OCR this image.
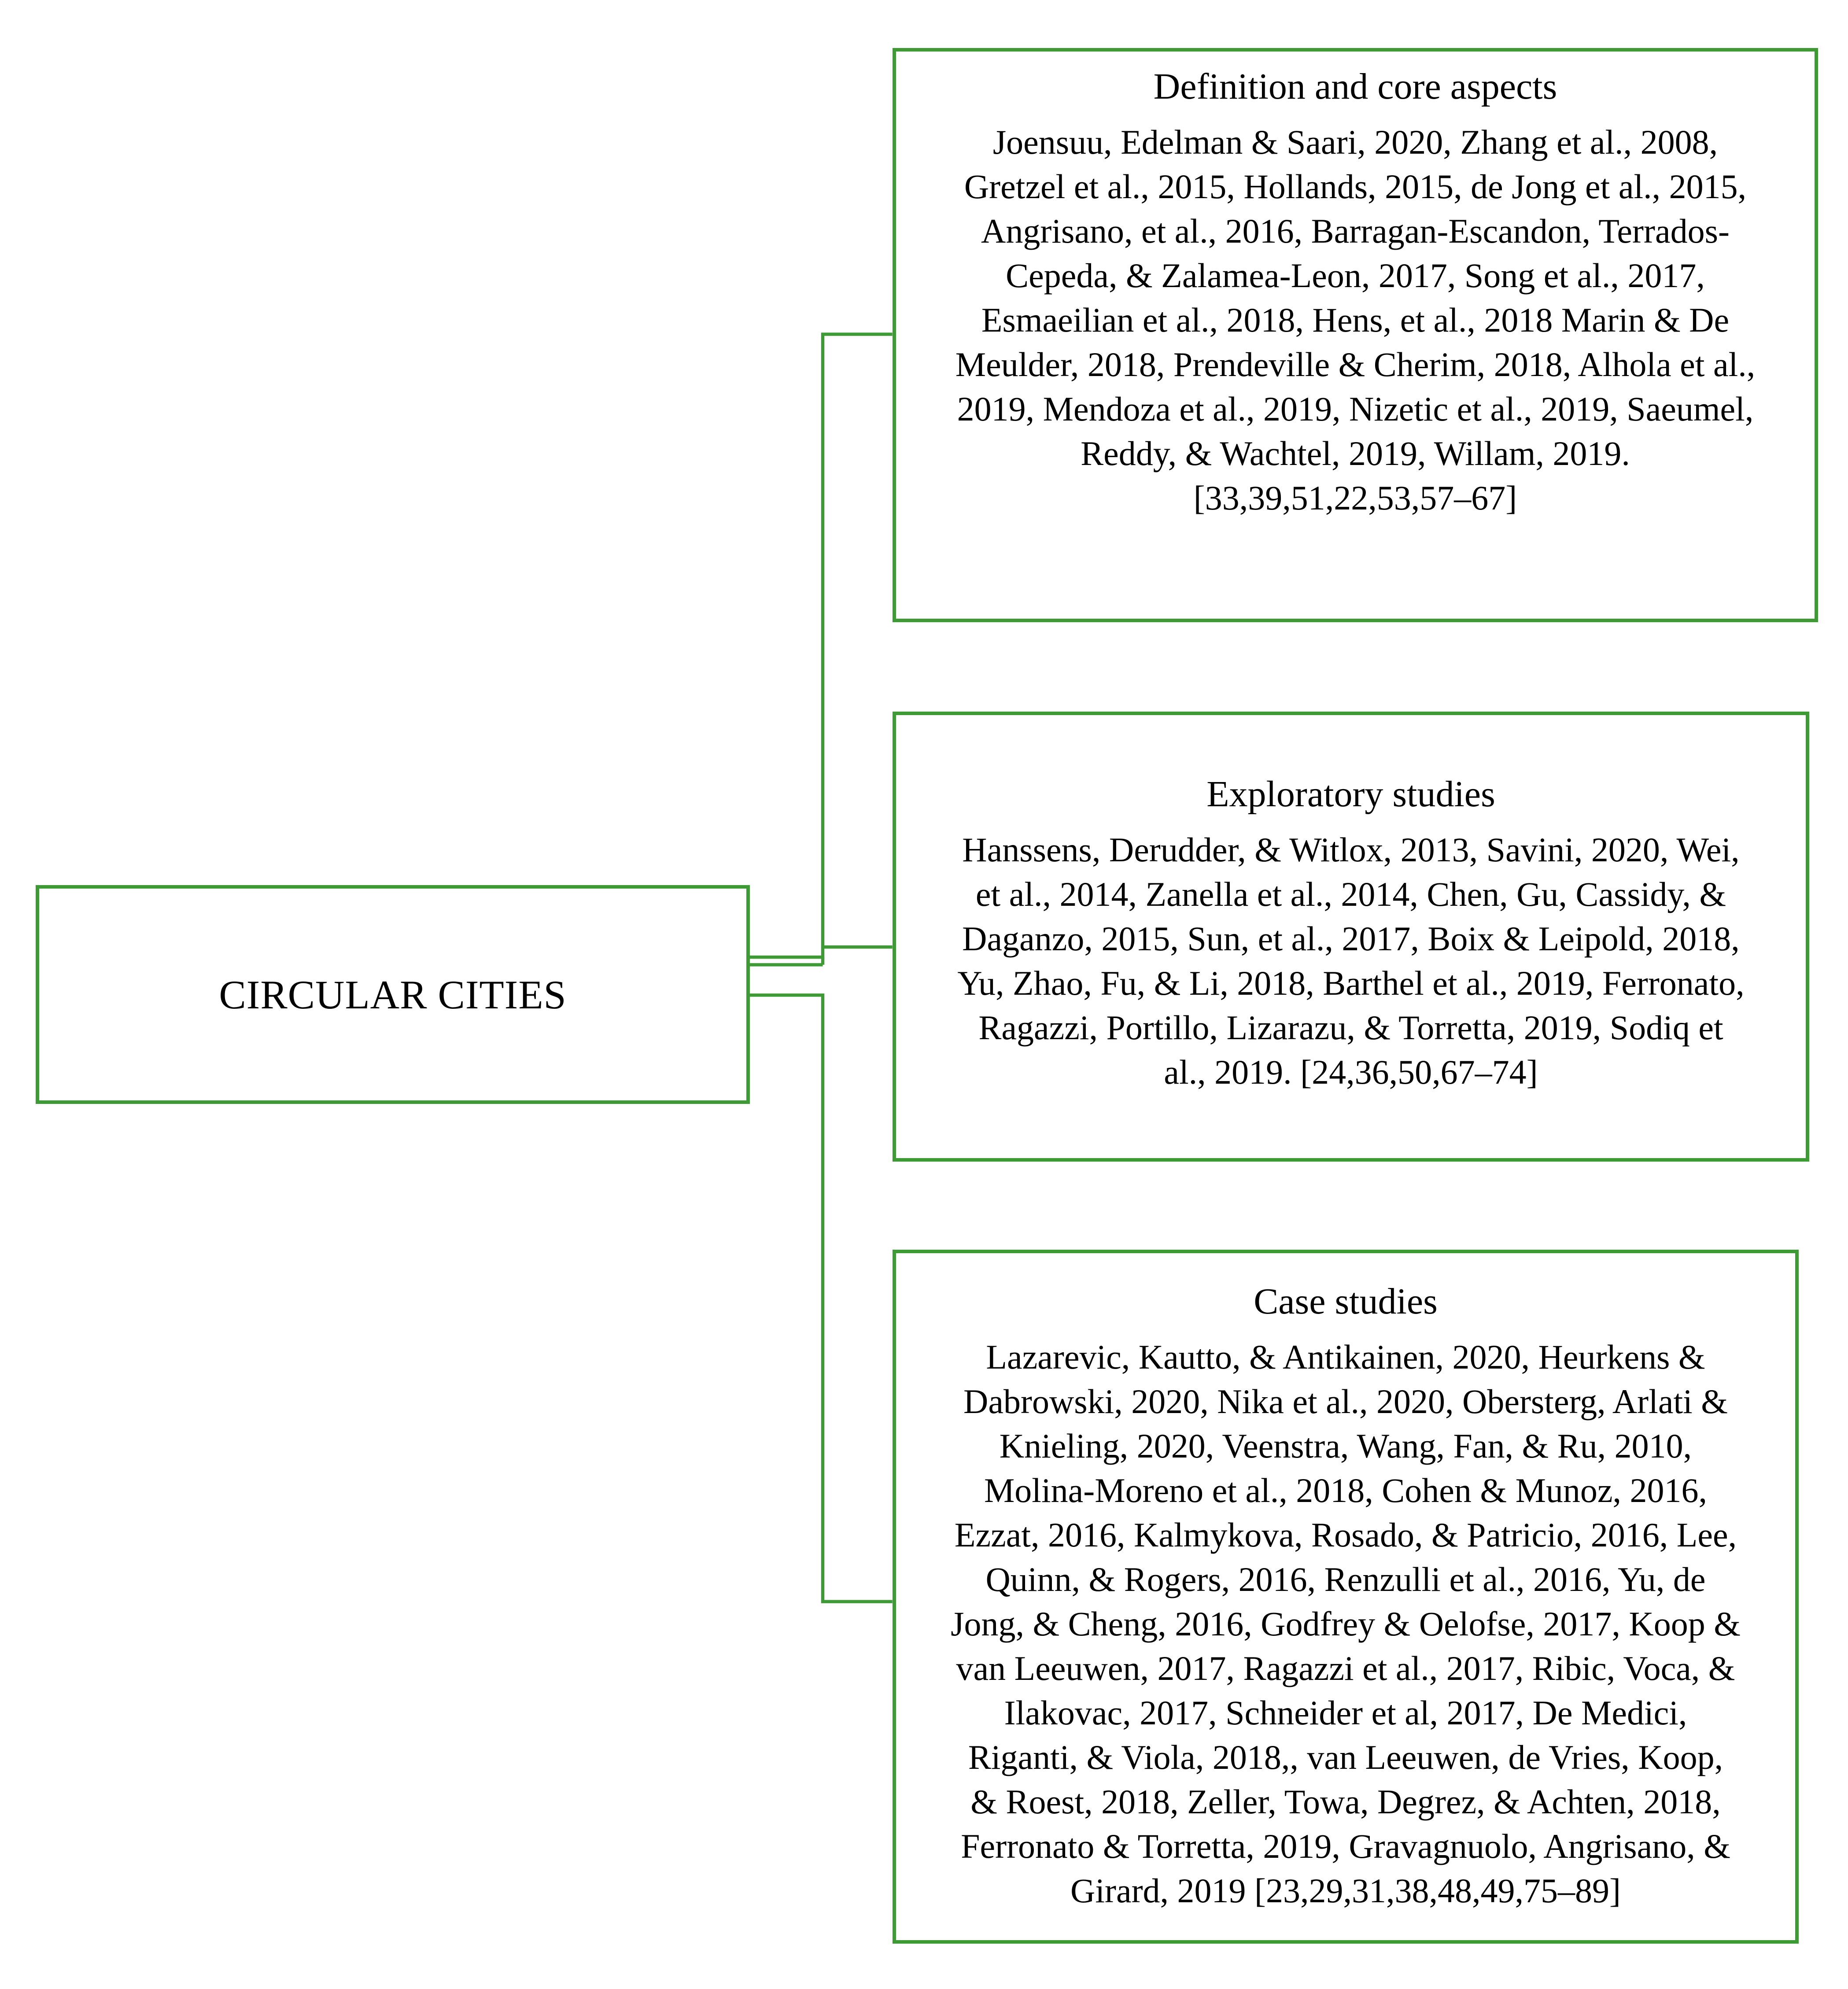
CIRCULAR CITIES
Definition and core aspects
Joensuu, Edelman & Saari, 2020, Zhang et al., 2008,
Gretzel et al., 2015, Hollands, 2015, de Jong et al., 2015,
Angrisano, et al., 2016, Barragan-Escandon, Terrados-
Cepeda, & Zalamea-Leon, 2017, Song et al., 2017,
Esmaeilian et al., 2018, Hens, et al., 2018 Marin & De
Meulder, 2018, Prendeville & Cherim, 2018, Alhola et al.,
2019, Mendoza et al., 2019, Nizetic et al., 2019, Saeumel,
Reddy, & Wachtel, 2019, Willam, 2019.
[33,39,51,22,53,57–67]
Exploratory studies
Hanssens, Derudder, & Witlox, 2013, Savini, 2020, Wei,
et al., 2014, Zanella et al., 2014, Chen, Gu, Cassidy, &
Daganzo, 2015, Sun, et al., 2017, Boix & Leipold, 2018,
Yu, Zhao, Fu, & Li, 2018, Barthel et al., 2019, Ferronato,
Ragazzi, Portillo, Lizarazu, & Torretta, 2019, Sodiq et
al., 2019. [24,36,50,67–74]
Case studies
Lazarevic, Kautto, & Antikainen, 2020, Heurkens &
Dabrowski, 2020, Nika et al., 2020, Obersterg, Arlati &
Knieling, 2020, Veenstra, Wang, Fan, & Ru, 2010,
Molina-Moreno et al., 2018, Cohen & Munoz, 2016,
Ezzat, 2016, Kalmykova, Rosado, & Patricio, 2016, Lee,
Quinn, & Rogers, 2016, Renzulli et al., 2016, Yu, de
Jong, & Cheng, 2016, Godfrey & Oelofse, 2017, Koop &
van Leeuwen, 2017, Ragazzi et al., 2017, Ribic, Voca, &
Ilakovac, 2017, Schneider et al, 2017, De Medici,
Riganti, & Viola, 2018,, van Leeuwen, de Vries, Koop,
& Roest, 2018, Zeller, Towa, Degrez, & Achten, 2018,
Ferronato & Torretta, 2019, Gravagnuolo, Angrisano, &
Girard, 2019 [23,29,31,38,48,49,75–89]
